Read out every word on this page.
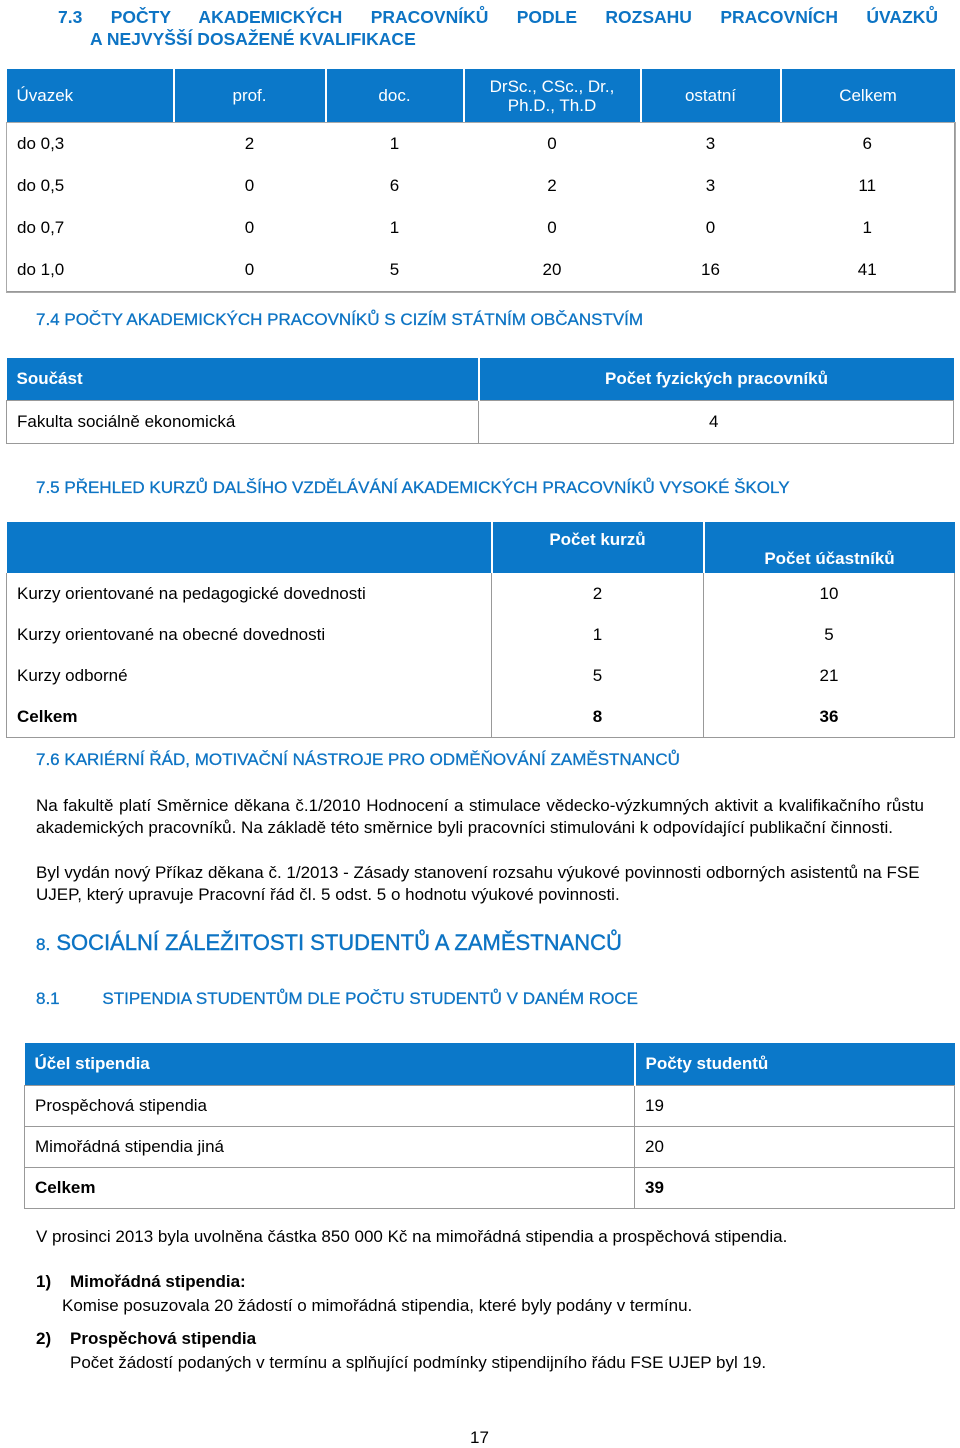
7.3 POČTY AKADEMICKÝCH PRACOVNÍKŮ PODLE ROZSAHU PRACOVNÍCH ÚVAZKŮ
A NEJVYŠŠÍ DOSAŽENÉ KVALIFIKACE
Úvazek	prof.	doc.	DrSc., CSc., Dr.,
Ph.D., Th.D	ostatní	Celkem
do 0,3	2	1	0	3	6
do 0,5	0	6	2	3	11
do 0,7	0	1	0	0	1
do 1,0	0	5	20	16	41
7.4 POČTY AKADEMICKÝCH PRACOVNÍKŮ S CIZÍM STÁTNÍM OBČANSTVÍM
Součást	Počet fyzických pracovníků
Fakulta sociálně ekonomická	4
7.5 PŘEHLED KURZŮ DALŠÍHO VZDĚLÁVÁNÍ AKADEMICKÝCH PRACOVNÍKŮ VYSOKÉ ŠKOLY
	Počet kurzů	Počet účastníků
Kurzy orientované na pedagogické dovednosti	2	10
Kurzy orientované na obecné dovednosti	1	5
Kurzy odborné	5	21
Celkem	8	36
7.6 KARIÉRNÍ ŘÁD, MOTIVAČNÍ NÁSTROJE PRO ODMĚŇOVÁNÍ ZAMĚSTNANCŮ
Na fakultě platí Směrnice děkana č.1/2010 Hodnocení a stimulace vědecko-výzkumných aktivit a kvalifikačního růstu akademických pracovníků. Na základě této směrnice byli pracovníci stimulováni k odpovídající publikační činnosti.
Byl vydán nový Příkaz děkana č. 1/2013 - Zásady stanovení rozsahu výukové povinnosti odborných asistentů na FSE UJEP, který upravuje Pracovní řád čl. 5 odst. 5 o hodnotu výukové povinnosti.
8. SOCIÁLNÍ ZÁLEŽITOSTI STUDENTŮ A ZAMĚSTNANCŮ
8.1	STIPENDIA STUDENTŮM DLE POČTU STUDENTŮ V DANÉM ROCE
Účel stipendia	Počty studentů
Prospěchová stipendia	19
Mimořádná stipendia jiná	20
Celkem	39
V prosinci 2013 byla uvolněna částka 850 000 Kč na mimořádná stipendia a prospěchová stipendia.
1) Mimořádná stipendia:
Komise posuzovala 20 žádostí o mimořádná stipendia, které byly podány v termínu.
2) Prospěchová stipendia
Počet žádostí podaných v termínu a splňující podmínky stipendijního řádu FSE UJEP byl 19.
17
